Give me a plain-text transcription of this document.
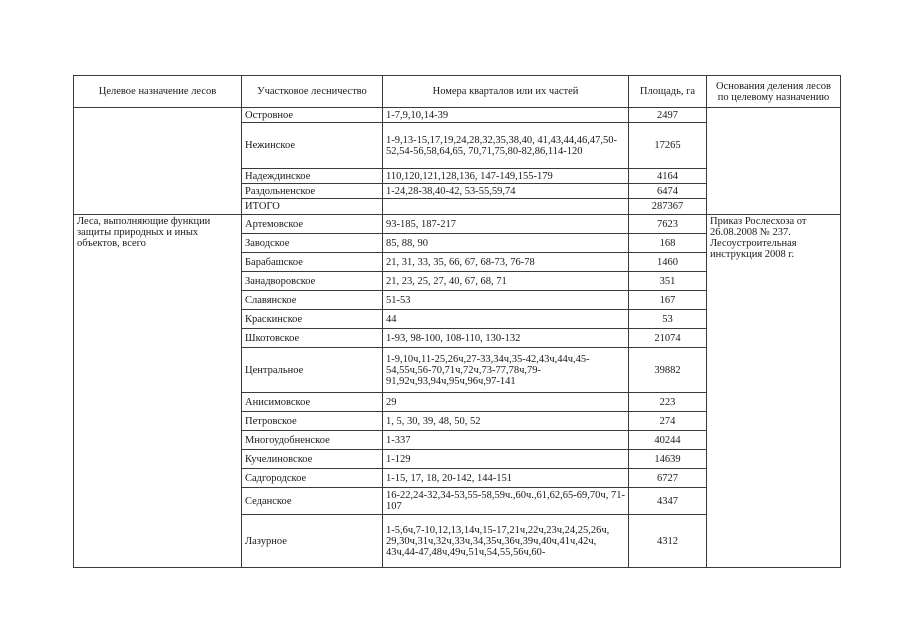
Целевое назначение лесов	Участковое лесничество	Номера кварталов или их частей	Площадь, га	Основания деления лесов по целевому назначению
	Островное	1-7,9,10,14-39	2497	
	Нежинское	1-9,13-15,17,19,24,28,32,35,38,40, 41,43,44,46,47,50-52,54-56,58,64,65, 70,71,75,80-82,86,114-120	17265	
	Надеждинское	110,120,121,128,136, 147-149,155-179	4164	
	Раздольненское	1-24,28-38,40-42, 53-55,59,74	6474	
	ИТОГО		287367	
Леса, выполняющие функции защиты природных и иных объектов, всего	Артемовское	93-185, 187-217	7623	Приказ Рослесхоза от 26.08.2008 № 237. Лесоустроительная инструкция 2008 г.
	Заводское	85, 88, 90	168	
	Барабашское	21, 31, 33, 35, 66, 67, 68-73, 76-78	1460	
	Занадворовское	21, 23, 25, 27, 40, 67, 68, 71	351	
	Славянское	51-53	167	
	Краскинское	44	53	
	Шкотовское	1-93, 98-100, 108-110, 130-132	21074	
	Центральное	1-9,10ч,11-25,26ч,27-33,34ч,35-42,43ч,44ч,45-54,55ч,56-70,71ч,72ч,73-77,78ч,79-91,92ч,93,94ч,95ч,96ч,97-141	39882	
	Анисимовское	29	223	
	Петровское	1, 5, 30, 39, 48, 50, 52	274	
	Многоудобненское	1-337	40244	
	Кучелиновское	1-129	14639	
	Садгородское	1-15, 17, 18, 20-142, 144-151	6727	
	Седанское	16-22,24-32,34-53,55-58,59ч.,60ч.,61,62,65-69,70ч, 71-107	4347	
	Лазурное	1-5,6ч,7-10,12,13,14ч,15-17,21ч,22ч,23ч,24,25,26ч, 29,30ч,31ч,32ч,33ч,34,35ч,36ч,39ч,40ч,41ч,42ч, 43ч,44-47,48ч,49ч,51ч,54,55,56ч,60-	4312	
